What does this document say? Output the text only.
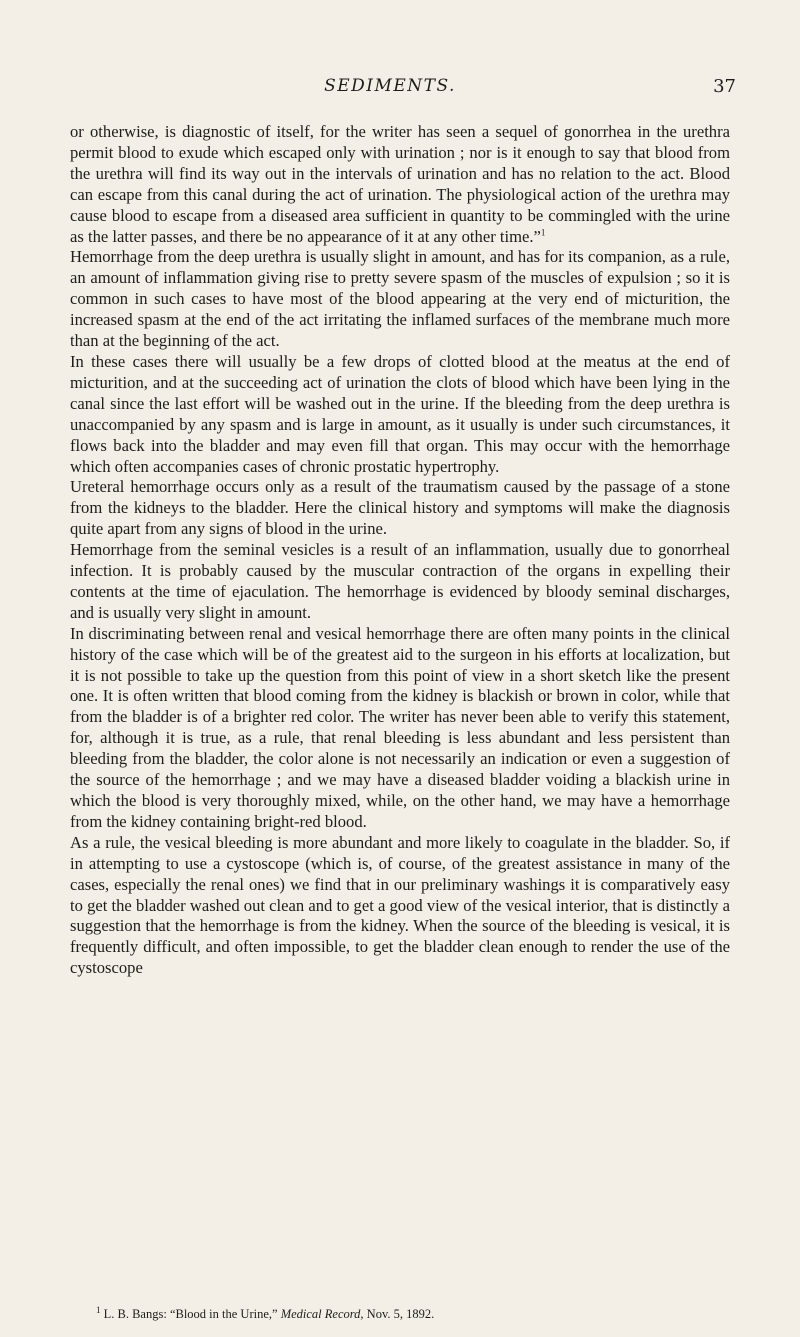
SEDIMENTS.	37

or otherwise, is diagnostic of itself, for the writer has seen a sequel of gonorrhea in the urethra permit blood to exude which escaped only with urination ; nor is it enough to say that blood from the urethra will find its way out in the intervals of urination and has no relation to the act. Blood can escape from this canal during the act of urination. The physiological action of the urethra may cause blood to escape from a diseased area sufficient in quantity to be commingled with the urine as the latter passes, and there be no appearance of it at any other time.”$^1$

Hemorrhage from the deep urethra is usually slight in amount, and has for its companion, as a rule, an amount of inflammation giving rise to pretty severe spasm of the muscles of expulsion ; so it is common in such cases to have most of the blood appearing at the very end of micturition, the increased spasm at the end of the act irritating the inflamed surfaces of the membrane much more than at the beginning of the act.

In these cases there will usually be a few drops of clotted blood at the meatus at the end of micturition, and at the succeeding act of urination the clots of blood which have been lying in the canal since the last effort will be washed out in the urine. If the bleeding from the deep urethra is unaccompanied by any spasm and is large in amount, as it usually is under such circumstances, it flows back into the bladder and may even fill that organ. This may occur with the hemorrhage which often accompanies cases of chronic prostatic hypertrophy.

Ureteral hemorrhage occurs only as a result of the traumatism caused by the passage of a stone from the kidneys to the bladder. Here the clinical history and symptoms will make the diagnosis quite apart from any signs of blood in the urine.

Hemorrhage from the seminal vesicles is a result of an inflammation, usually due to gonorrheal infection. It is probably caused by the muscular contraction of the organs in expelling their contents at the time of ejaculation. The hemorrhage is evidenced by bloody seminal discharges, and is usually very slight in amount.

In discriminating between renal and vesical hemorrhage there are often many points in the clinical history of the case which will be of the greatest aid to the surgeon in his efforts at localization, but it is not possible to take up the question from this point of view in a short sketch like the present one. It is often written that blood coming from the kidney is blackish or brown in color, while that from the bladder is of a brighter red color. The writer has never been able to verify this statement, for, although it is true, as a rule, that renal bleeding is less abundant and less persistent than bleeding from the bladder, the color alone is not necessarily an indication or even a suggestion of the source of the hemorrhage ; and we may have a diseased bladder voiding a blackish urine in which the blood is very thoroughly mixed, while, on the other hand, we may have a hemorrhage from the kidney containing bright-red blood.

As a rule, the vesical bleeding is more abundant and more likely to coagulate in the bladder. So, if in attempting to use a cystoscope (which is, of course, of the greatest assistance in many of the cases, especially the renal ones) we find that in our preliminary washings it is comparatively easy to get the bladder washed out clean and to get a good view of the vesical interior, that is distinctly a suggestion that the hemorrhage is from the kidney. When the source of the bleeding is vesical, it is frequently difficult, and often impossible, to get the bladder clean enough to render the use of the cystoscope

$^1$ L. B. Bangs: “Blood in the Urine,” Medical Record, Nov. 5, 1892.
